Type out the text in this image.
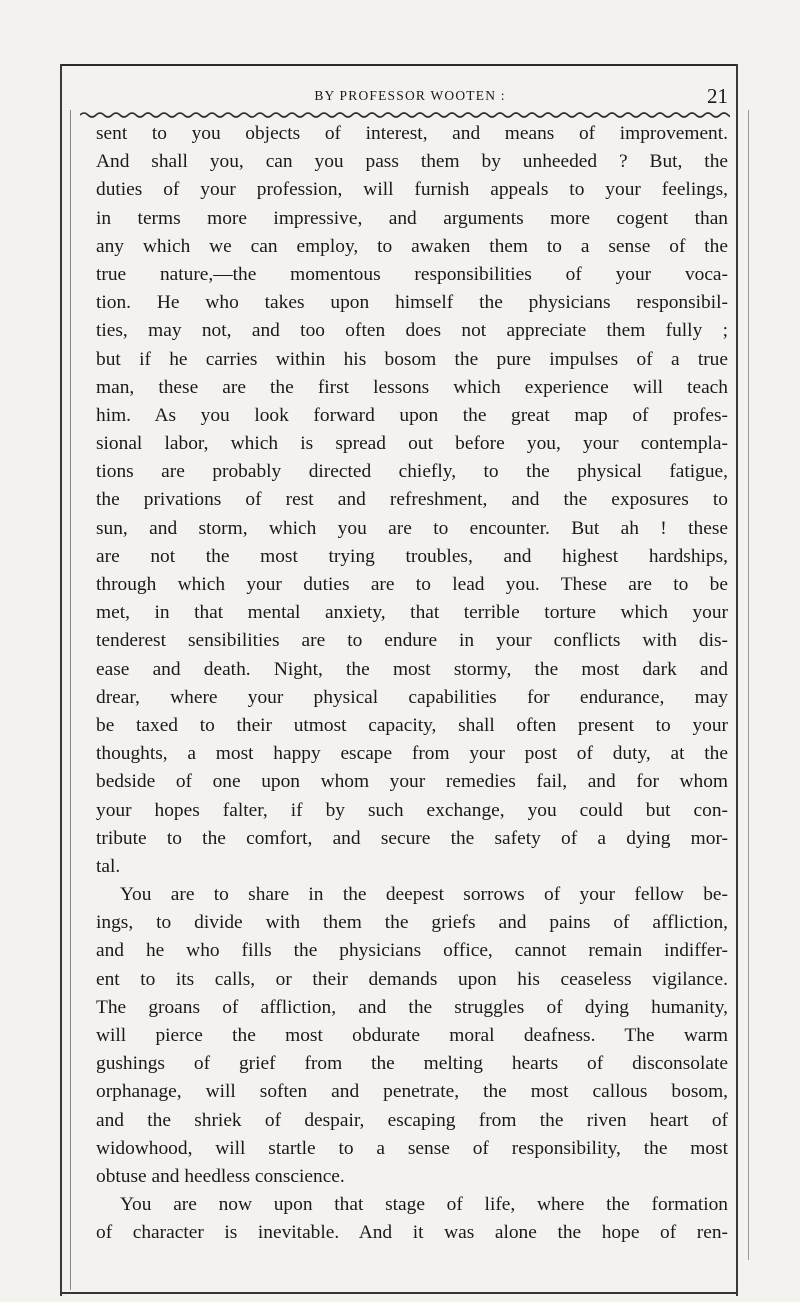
BY PROFESSOR WOOTEN :	21
sent to you objects of interest, and means of improvement.
And shall you, can you pass them by unheeded ? But, the
duties of your profession, will furnish appeals to your feelings,
in terms more impressive, and arguments more cogent than
any which we can employ, to awaken them to a sense of the
true nature,—the momentous responsibilities of your voca-
tion. He who takes upon himself the physicians responsibil-
ties, may not, and too often does not appreciate them fully ;
but if he carries within his bosom the pure impulses of a true
man, these are the first lessons which experience will teach
him. As you look forward upon the great map of profes-
sional labor, which is spread out before you, your contempla-
tions are probably directed chiefly, to the physical fatigue,
the privations of rest and refreshment, and the exposures to
sun, and storm, which you are to encounter. But ah ! these
are not the most trying troubles, and highest hardships,
through which your duties are to lead you. These are to be
met, in that mental anxiety, that terrible torture which your
tenderest sensibilities are to endure in your conflicts with dis-
ease and death. Night, the most stormy, the most dark and
drear, where your physical capabilities for endurance, may
be taxed to their utmost capacity, shall often present to your
thoughts, a most happy escape from your post of duty, at the
bedside of one upon whom your remedies fail, and for whom
your hopes falter, if by such exchange, you could but con-
tribute to the comfort, and secure the safety of a dying mor-
tal.
You are to share in the deepest sorrows of your fellow be-
ings, to divide with them the griefs and pains of affliction,
and he who fills the physicians office, cannot remain indiffer-
ent to its calls, or their demands upon his ceaseless vigilance.
The groans of affliction, and the struggles of dying humanity,
will pierce the most obdurate moral deafness. The warm
gushings of grief from the melting hearts of disconsolate
orphanage, will soften and penetrate, the most callous bosom,
and the shriek of despair, escaping from the riven heart of
widowhood, will startle to a sense of responsibility, the most
obtuse and heedless conscience.
You are now upon that stage of life, where the formation
of character is inevitable. And it was alone the hope of ren-
